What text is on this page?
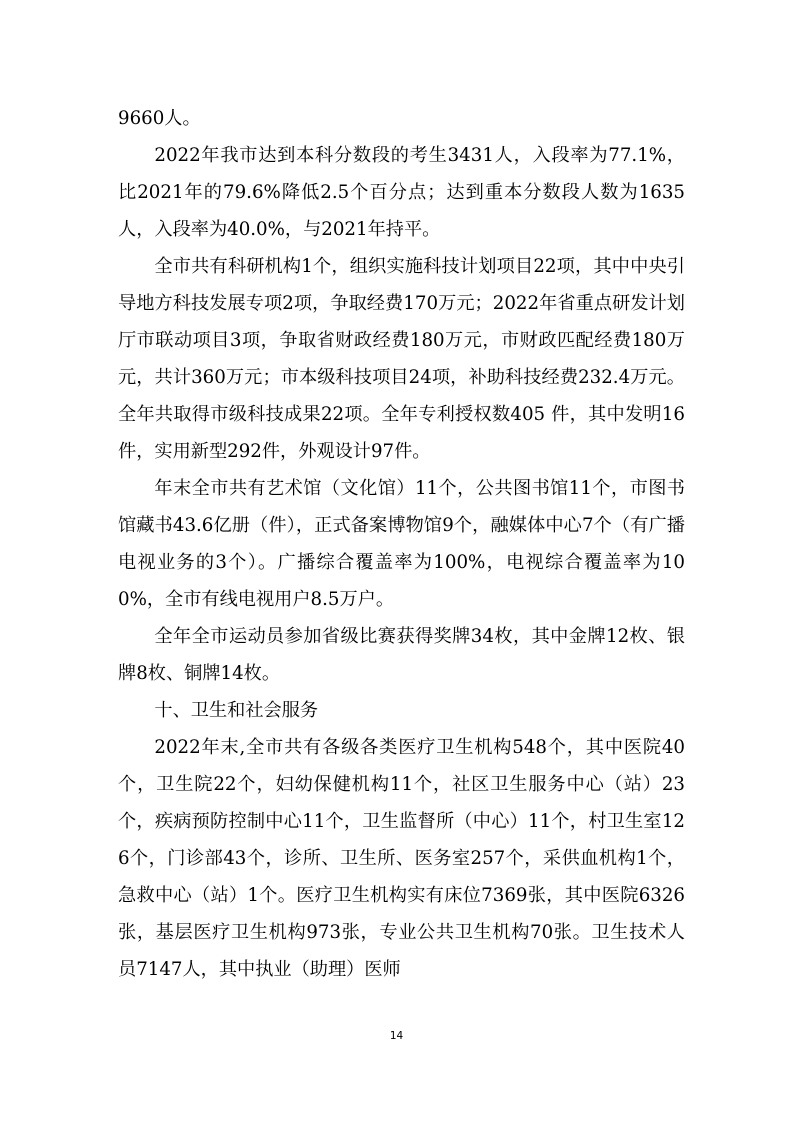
9660人。

2022年我市达到本科分数段的考生3431人，入段率为77.1%，比2021年的79.6%降低2.5个百分点；达到重本分数段人数为1635人，入段率为40.0%，与2021年持平。

全市共有科研机构1个，组织实施科技计划项目22项，其中中央引导地方科技发展专项2项，争取经费170万元；2022年省重点研发计划厅市联动项目3项，争取省财政经费180万元，市财政匹配经费180万元，共计360万元；市本级科技项目24项，补助科技经费232.4万元。全年共取得市级科技成果22项。全年专利授权数405 件，其中发明16件，实用新型292件，外观设计97件。

年末全市共有艺术馆（文化馆）11个，公共图书馆11个，市图书馆藏书43.6亿册（件），正式备案博物馆9个，融媒体中心7个（有广播电视业务的3个）。广播综合覆盖率为100%，电视综合覆盖率为100%，全市有线电视用户8.5万户。

全年全市运动员参加省级比赛获得奖牌34枚，其中金牌12枚、银牌8枚、铜牌14枚。

十、卫生和社会服务

2022年末,全市共有各级各类医疗卫生机构548个，其中医院40个，卫生院22个，妇幼保健机构11个，社区卫生服务中心（站）23个，疾病预防控制中心11个，卫生监督所（中心）11个，村卫生室126个，门诊部43个，诊所、卫生所、医务室257个，采供血机构1个，急救中心（站）1个。医疗卫生机构实有床位7369张，其中医院6326张，基层医疗卫生机构973张，专业公共卫生机构70张。卫生技术人员7147人，其中执业（助理）医师

14
